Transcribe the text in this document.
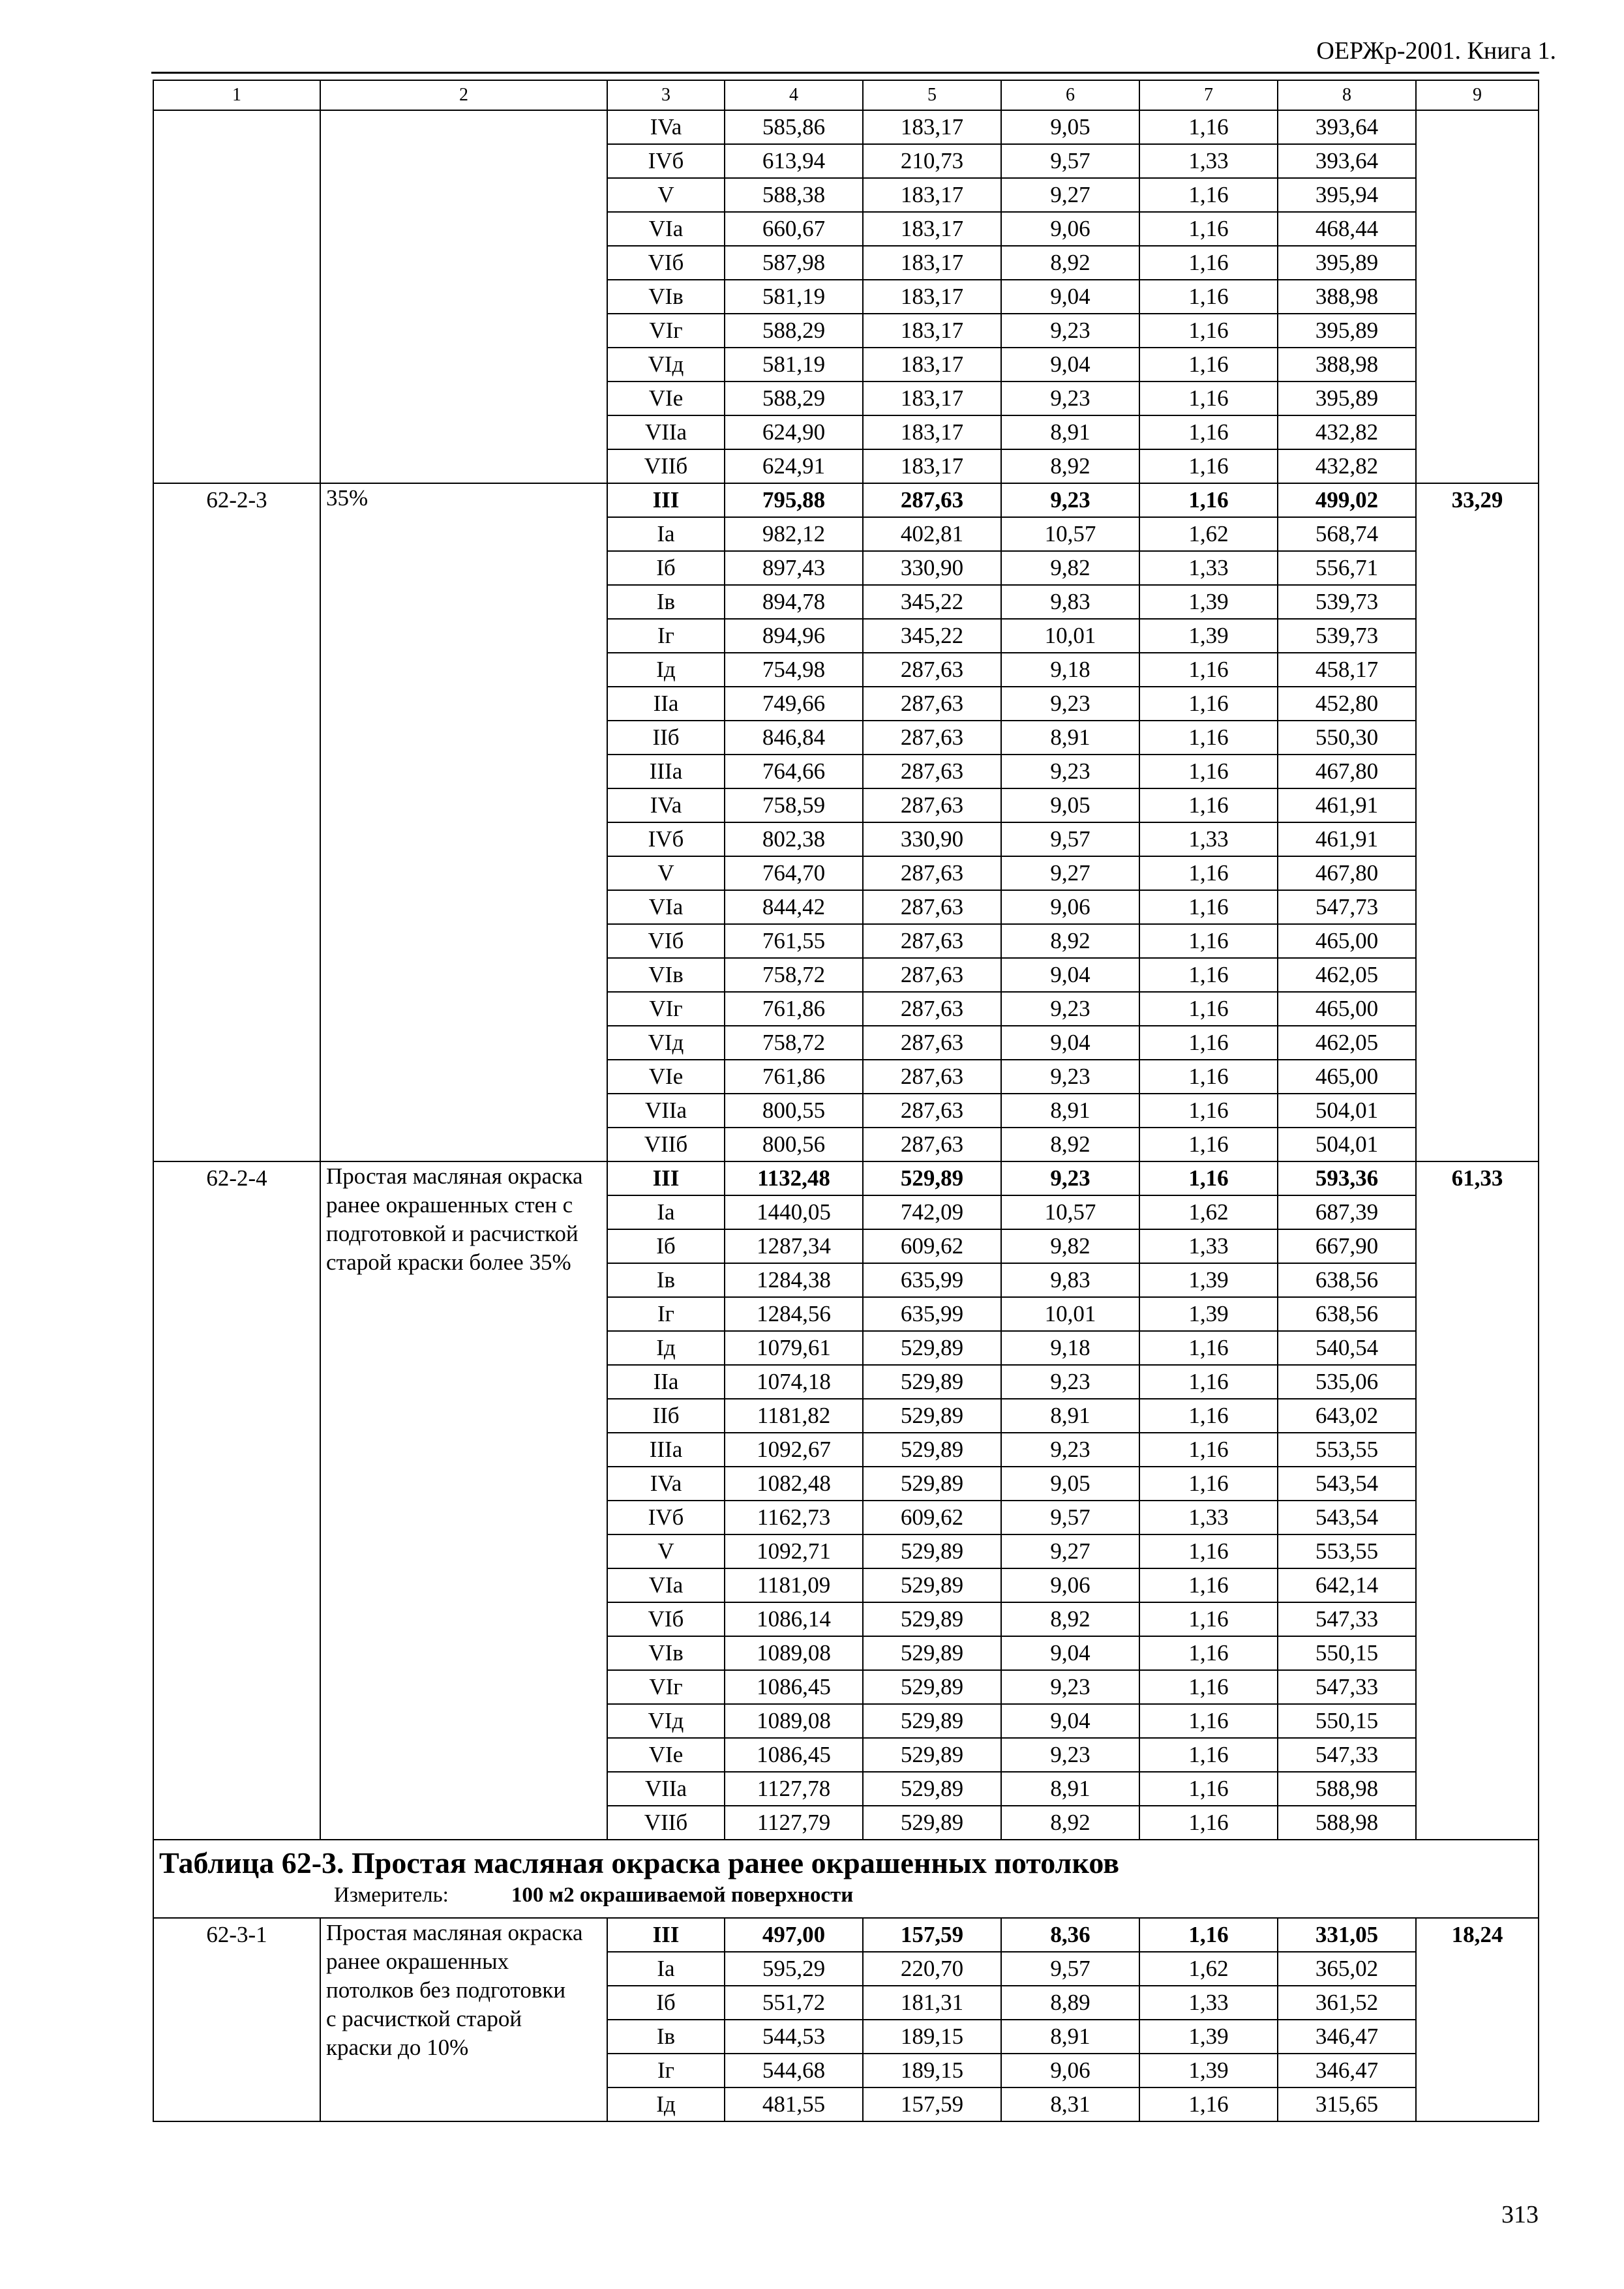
ОЕРЖр-2001. Книга 1.
1	2	3	4	5	6	7	8	9
		IVa	585,86	183,17	9,05	1,16	393,64	
		IVб	613,94	210,73	9,57	1,33	393,64	
		V	588,38	183,17	9,27	1,16	395,94	
		VIa	660,67	183,17	9,06	1,16	468,44	
		VIб	587,98	183,17	8,92	1,16	395,89	
		VIв	581,19	183,17	9,04	1,16	388,98	
		VIг	588,29	183,17	9,23	1,16	395,89	
		VIд	581,19	183,17	9,04	1,16	388,98	
		VIe	588,29	183,17	9,23	1,16	395,89	
		VIIa	624,90	183,17	8,91	1,16	432,82	
		VIIб	624,91	183,17	8,92	1,16	432,82	
62-2-3	35%	III	795,88	287,63	9,23	1,16	499,02	33,29
		Ia	982,12	402,81	10,57	1,62	568,74	
		Iб	897,43	330,90	9,82	1,33	556,71	
		Iв	894,78	345,22	9,83	1,39	539,73	
		Iг	894,96	345,22	10,01	1,39	539,73	
		Iд	754,98	287,63	9,18	1,16	458,17	
		IIa	749,66	287,63	9,23	1,16	452,80	
		IIб	846,84	287,63	8,91	1,16	550,30	
		IIIa	764,66	287,63	9,23	1,16	467,80	
		IVa	758,59	287,63	9,05	1,16	461,91	
		IVб	802,38	330,90	9,57	1,33	461,91	
		V	764,70	287,63	9,27	1,16	467,80	
		VIa	844,42	287,63	9,06	1,16	547,73	
		VIб	761,55	287,63	8,92	1,16	465,00	
		VIв	758,72	287,63	9,04	1,16	462,05	
		VIг	761,86	287,63	9,23	1,16	465,00	
		VIд	758,72	287,63	9,04	1,16	462,05	
		VIe	761,86	287,63	9,23	1,16	465,00	
		VIIa	800,55	287,63	8,91	1,16	504,01	
		VIIб	800,56	287,63	8,92	1,16	504,01	
62-2-4	Простая масляная окраска
ранее окрашенных стен с
подготовкой и расчисткой
старой краски более 35%	III	1132,48	529,89	9,23	1,16	593,36	61,33
		Ia	1440,05	742,09	10,57	1,62	687,39	
		Iб	1287,34	609,62	9,82	1,33	667,90	
		Iв	1284,38	635,99	9,83	1,39	638,56	
		Iг	1284,56	635,99	10,01	1,39	638,56	
		Iд	1079,61	529,89	9,18	1,16	540,54	
		IIa	1074,18	529,89	9,23	1,16	535,06	
		IIб	1181,82	529,89	8,91	1,16	643,02	
		IIIa	1092,67	529,89	9,23	1,16	553,55	
		IVa	1082,48	529,89	9,05	1,16	543,54	
		IVб	1162,73	609,62	9,57	1,33	543,54	
		V	1092,71	529,89	9,27	1,16	553,55	
		VIa	1181,09	529,89	9,06	1,16	642,14	
		VIб	1086,14	529,89	8,92	1,16	547,33	
		VIв	1089,08	529,89	9,04	1,16	550,15	
		VIг	1086,45	529,89	9,23	1,16	547,33	
		VIд	1089,08	529,89	9,04	1,16	550,15	
		VIe	1086,45	529,89	9,23	1,16	547,33	
		VIIa	1127,78	529,89	8,91	1,16	588,98	
		VIIб	1127,79	529,89	8,92	1,16	588,98	

Таблица 62-3. Простая масляная окраска ранее окрашенных потолков
Измеритель: 100 м2 окрашиваемой поверхности								

62-3-1	Простая масляная окраска
ранее окрашенных
потолков без подготовки
с расчисткой старой
краски до 10%	III	497,00	157,59	8,36	1,16	331,05	18,24
		Ia	595,29	220,70	9,57	1,62	365,02	
		Iб	551,72	181,31	8,89	1,33	361,52	
		Iв	544,53	189,15	8,91	1,39	346,47	
		Iг	544,68	189,15	9,06	1,39	346,47	
		Iд	481,55	157,59	8,31	1,16	315,65	
313
